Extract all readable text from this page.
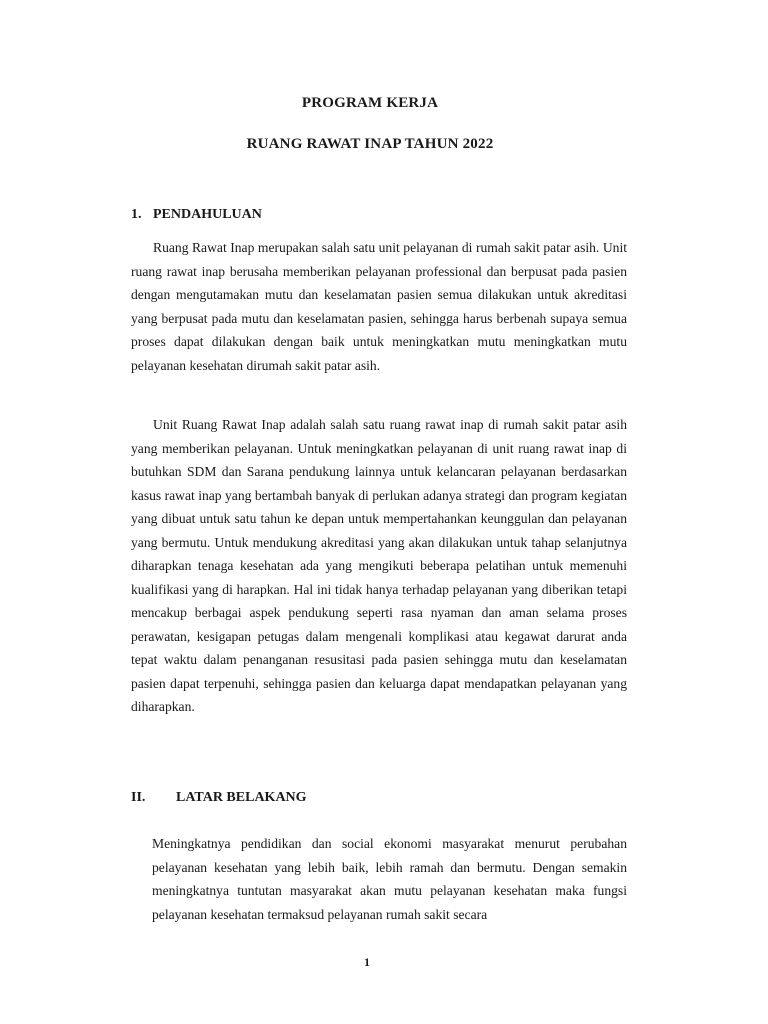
PROGRAM KERJA
RUANG RAWAT INAP TAHUN 2022
1. PENDAHULUAN

Ruang Rawat Inap merupakan salah satu unit pelayanan di rumah sakit patar asih. Unit ruang rawat inap berusaha memberikan pelayanan professional dan berpusat pada pasien dengan mengutamakan mutu dan keselamatan pasien semua dilakukan untuk akreditasi yang berpusat pada mutu dan keselamatan pasien, sehingga harus berbenah supaya semua proses dapat dilakukan dengan baik untuk meningkatkan mutu meningkatkan mutu pelayanan kesehatan dirumah sakit patar asih.

Unit Ruang Rawat Inap adalah salah satu ruang rawat inap di rumah sakit patar asih yang memberikan pelayanan. Untuk meningkatkan pelayanan di unit ruang rawat inap di butuhkan SDM dan Sarana pendukung lainnya untuk kelancaran pelayanan berdasarkan kasus rawat inap yang bertambah banyak di perlukan adanya strategi dan program kegiatan yang dibuat untuk satu tahun ke depan untuk mempertahankan keunggulan dan pelayanan yang bermutu. Untuk mendukung akreditasi yang akan dilakukan untuk tahap selanjutnya diharapkan tenaga kesehatan ada yang mengikuti beberapa pelatihan untuk memenuhi kualifikasi yang di harapkan. Hal ini tidak hanya terhadap pelayanan yang diberikan tetapi mencakup berbagai aspek pendukung seperti rasa nyaman dan aman selama proses perawatan, kesigapan petugas dalam mengenali komplikasi atau kegawat darurat anda tepat waktu dalam penanganan resusitasi pada pasien sehingga mutu dan keselamatan pasien dapat terpenuhi, sehingga pasien dan keluarga dapat mendapatkan pelayanan yang diharapkan.

II. LATAR BELAKANG

Meningkatnya pendidikan dan social ekonomi masyarakat menurut perubahan pelayanan kesehatan yang lebih baik, lebih ramah dan bermutu. Dengan semakin meningkatnya tuntutan masyarakat akan mutu pelayanan kesehatan maka fungsi pelayanan kesehatan termaksud pelayanan rumah sakit secara

1
